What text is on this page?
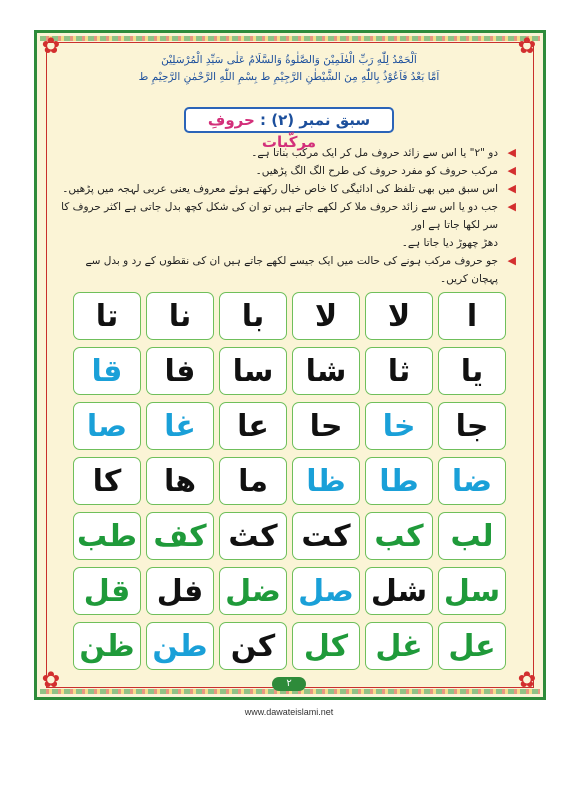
✿	✿
✿	✿
اَلْحَمْدُ لِلّٰهِ رَبِّ الْعٰلَمِیْنَ وَالصَّلٰوةُ وَالسَّلَامُ عَلٰی سَیِّدِ الْمُرْسَلِیْنَ
اَمَّا بَعْدُ فَاَعُوْذُ بِاللّٰهِ مِنَ الشَّیْطٰنِ الرَّجِیْمِ ط بِسْمِ اللّٰهِ الرَّحْمٰنِ الرَّحِیْمِ ط
سبق نمبر (۲) : حروفِ مرکّبات
◀
دو "۲" یا اس سے زائد حروف مل کر ایک مرکب بناتا ہے۔
◀
مرکب حروف کو مفرد حروف کی طرح الگ الگ پڑھیں۔
◀
اس سبق میں بھی تلفظ کی ادائیگی کا خاص خیال رکھتے ہوئے معروف یعنی عربی لہجہ میں پڑھیں۔
◀
جب دو یا اس سے زائد حروف ملا کر لکھے جاتے ہیں تو ان کی شکل کچھ بدل جاتی ہے اکثر حروف کا سر لکھا جاتا ہے اور
دھڑ چھوڑ دیا جاتا ہے۔
◀
جو حروف مرکب ہونے کی حالت میں ایک جیسے لکھے جاتے ہیں ان کی نقطوں کے رد و بدل سے پہچان کریں۔
ا
لا
لا
با
نا
تا
یا
ثا
شا
سا
فا
قا
جا
خا
حا
عا
غا
صا
ضا
طا
ظا
ما
ها
کا
لب
کب
کت
کث
کف
طب
سل
شل
صل
ضل
فل
قل
عل
غل
کل
کن
طن
ظن
۲
www.dawateislami.net
